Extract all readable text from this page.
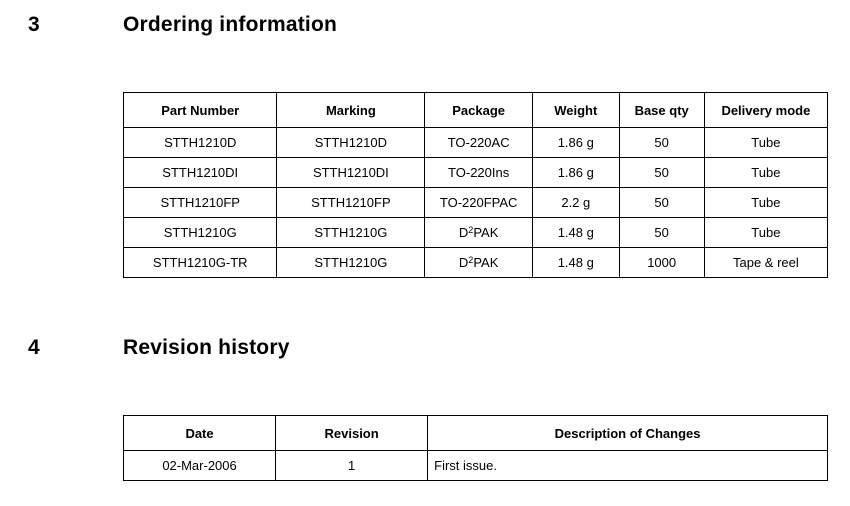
3	Ordering information
Part Number	Marking	Package	Weight	Base qty	Delivery mode
STTH1210D	STTH1210D	TO-220AC	1.86 g	50	Tube
STTH1210DI	STTH1210DI	TO-220Ins	1.86 g	50	Tube
STTH1210FP	STTH1210FP	TO-220FPAC	2.2 g	50	Tube
STTH1210G	STTH1210G	$D^2PAK$	1.48 g	50	Tube
STTH1210G-TR	STTH1210G	$D^2PAK$	1.48 g	1000	Tape & reel
4	Revision history
Date	Revision	Description of Changes
02-Mar-2006	1	First issue.
